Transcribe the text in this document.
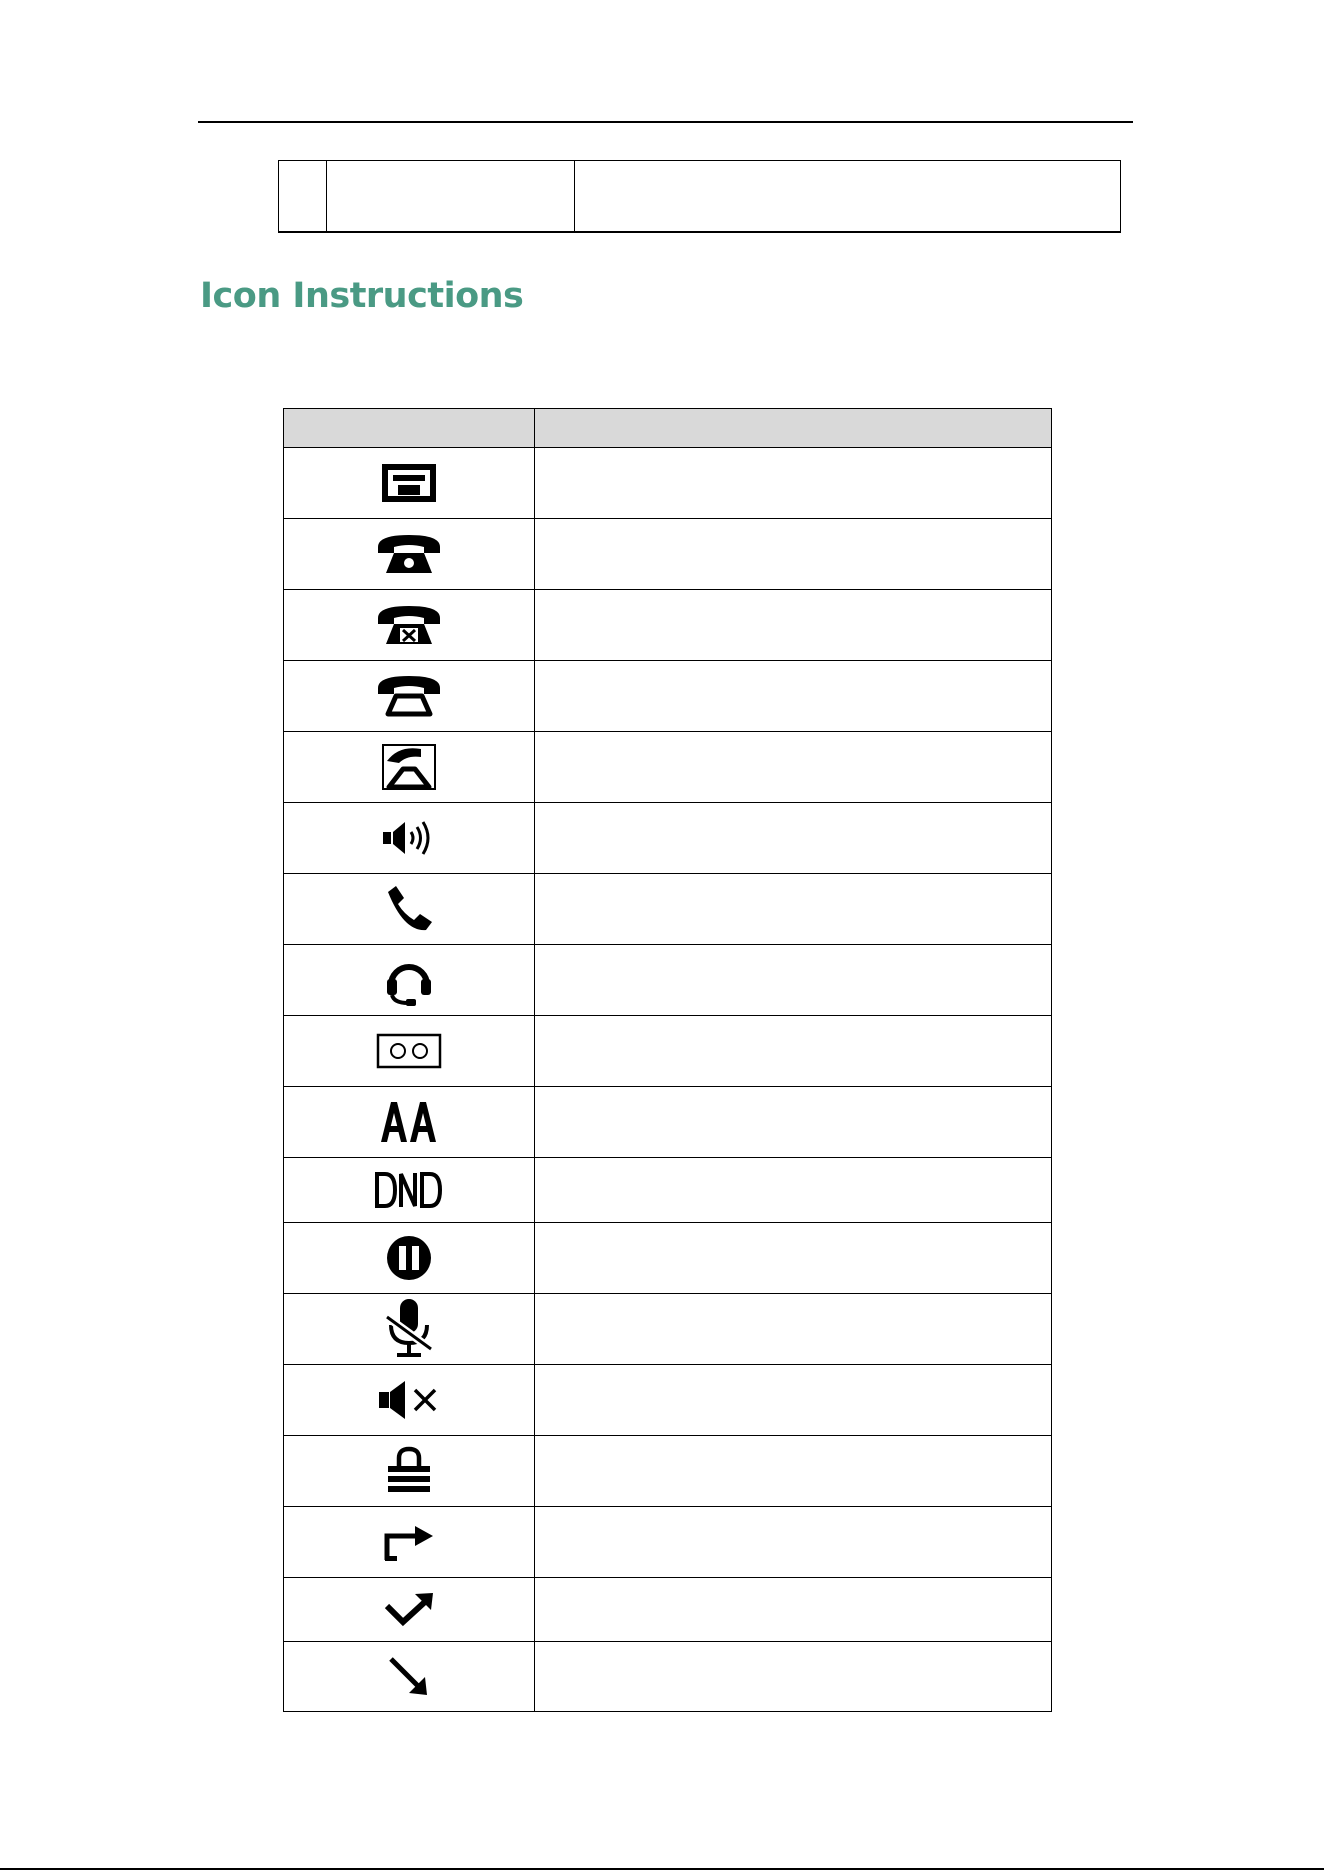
Icon Instructions
